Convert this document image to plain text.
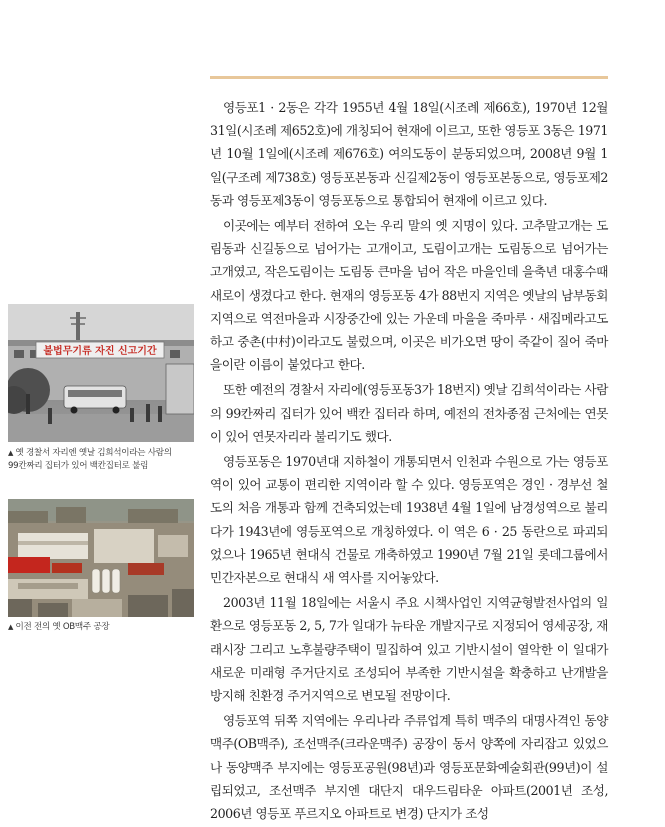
영등포1 · 2동은 각각 1955년 4월 18일(시조례 제66호), 1970년 12월 31일(시조례 제652호)에 개칭되어 현재에 이르고, 또한 영등포 3동은 1971년 10월 1일에(시조례 제676호) 여의도동이 분동되었으며, 2008년 9월 1일(구조례 제738호) 영등포본동과 신길제2동이 영등포본동으로, 영등포제2동과 영등포제3동이 영등포동으로 통합되어 현재에 이르고 있다.

이곳에는 예부터 전하여 오는 우리 말의 옛 지명이 있다. 고추말고개는 도림동과 신길동으로 넘어가는 고개이고, 도림이고개는 도림동으로 넘어가는 고개였고, 작은도림이는 도림동 큰마을 넘어 작은 마을인데 을축년 대홍수때 새로이 생겼다고 한다. 현재의 영등포동 4가 88번지 지역은 옛날의 남부동회 지역으로 역전마을과 시장중간에 있는 가운데 마을을 죽마루 · 새집메라고도 하고 중촌(中村)이라고도 불렀으며, 이곳은 비가오면 땅이 죽같이 질어 죽마을이란 이름이 붙었다고 한다.

또한 예전의 경찰서 자리에(영등포동3가 18번지) 옛날 김희석이라는 사람의 99칸짜리 집터가 있어 백칸 집터라 하며, 예전의 전차종점 근처에는 연못이 있어 연못자리라 불리기도 했다.

영등포동은 1970년대 지하철이 개통되면서 인천과 수원으로 가는 영등포역이 있어 교통이 편리한 지역이라 할 수 있다. 영등포역은 경인 · 경부선 철도의 처음 개통과 함께 건축되었는데 1938년 4월 1일에 남경성역으로 불리다가 1943년에 영등포역으로 개칭하였다. 이 역은 6 · 25 동란으로 파괴되었으나 1965년 현대식 건물로 개축하였고 1990년 7월 21일 롯데그룹에서 민간자본으로 현대식 새 역사를 지어놓았다.

2003년 11월 18일에는 서울시 주요 시책사업인 지역균형발전사업의 일환으로 영등포동 2, 5, 7가 일대가 뉴타운 개발지구로 지정되어 영세공장, 재래시장 그리고 노후불량주택이 밀집하여 있고 기반시설이 열악한 이 일대가 새로운 미래형 주거단지로 조성되어 부족한 기반시설을 확충하고 난개발을 방지해 친환경 주거지역으로 변모될 전망이다.

영등포역 뒤쪽 지역에는 우리나라 주류업계 특히 맥주의 대명사격인 동양맥주(OB맥주), 조선맥주(크라운맥주) 공장이 동서 양쪽에 자리잡고 있었으나 동양맥주 부지에는 영등포공원(98년)과 영등포문화예술회관(99년)이 설립되었고, 조선맥주 부지엔 대단지 대우드림타운 아파트(2001년 조성, 2006년 영등포 푸르지오 아파트로 변경) 단지가 조성

불법무기류 자진 신고기간
▲ 옛 경찰서 자리엔 옛날 김희석이라는 사람의
99칸짜리 집터가 있어 백칸집터로 불림
▲ 이전 전의 옛 OB맥주 공장
